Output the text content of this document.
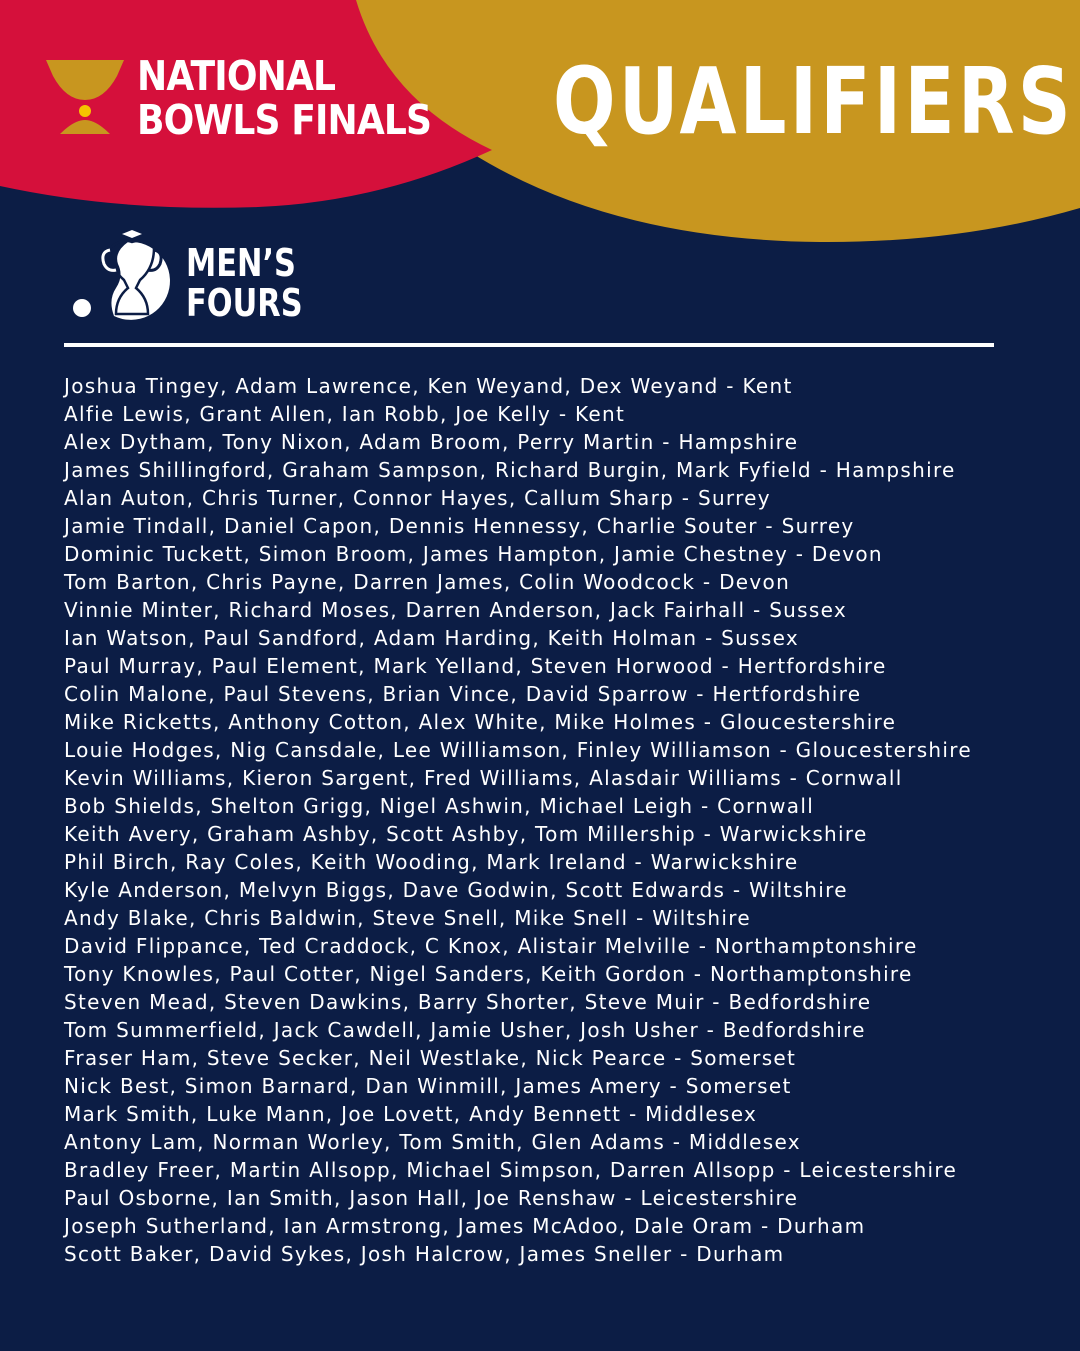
NATIONAL
BOWLS FINALS QUALIFIERS
MEN’S
FOURS
Joshua Tingey, Adam Lawrence, Ken Weyand, Dex Weyand - Kent
Alfie Lewis, Grant Allen, Ian Robb, Joe Kelly - Kent
Alex Dytham, Tony Nixon, Adam Broom, Perry Martin - Hampshire
James Shillingford, Graham Sampson, Richard Burgin, Mark Fyfield - Hampshire
Alan Auton, Chris Turner, Connor Hayes, Callum Sharp - Surrey
Jamie Tindall, Daniel Capon, Dennis Hennessy, Charlie Souter - Surrey
Dominic Tuckett, Simon Broom, James Hampton, Jamie Chestney - Devon
Tom Barton, Chris Payne, Darren James, Colin Woodcock - Devon
Vinnie Minter, Richard Moses, Darren Anderson, Jack Fairhall - Sussex
Ian Watson, Paul Sandford, Adam Harding, Keith Holman - Sussex
Paul Murray, Paul Element, Mark Yelland, Steven Horwood - Hertfordshire
Colin Malone, Paul Stevens, Brian Vince, David Sparrow - Hertfordshire
Mike Ricketts, Anthony Cotton, Alex White, Mike Holmes - Gloucestershire
Louie Hodges, Nig Cansdale, Lee Williamson, Finley Williamson - Gloucestershire
Kevin Williams, Kieron Sargent, Fred Williams, Alasdair Williams - Cornwall
Bob Shields, Shelton Grigg, Nigel Ashwin, Michael Leigh - Cornwall
Keith Avery, Graham Ashby, Scott Ashby, Tom Millership - Warwickshire
Phil Birch, Ray Coles, Keith Wooding, Mark Ireland - Warwickshire
Kyle Anderson, Melvyn Biggs, Dave Godwin, Scott Edwards - Wiltshire
Andy Blake, Chris Baldwin, Steve Snell, Mike Snell - Wiltshire
David Flippance, Ted Craddock, C Knox, Alistair Melville - Northamptonshire
Tony Knowles, Paul Cotter, Nigel Sanders, Keith Gordon - Northamptonshire
Steven Mead, Steven Dawkins, Barry Shorter, Steve Muir - Bedfordshire
Tom Summerfield, Jack Cawdell, Jamie Usher, Josh Usher - Bedfordshire
Fraser Ham, Steve Secker, Neil Westlake, Nick Pearce - Somerset
Nick Best, Simon Barnard, Dan Winmill, James Amery - Somerset
Mark Smith, Luke Mann, Joe Lovett, Andy Bennett - Middlesex
Antony Lam, Norman Worley, Tom Smith, Glen Adams - Middlesex
Bradley Freer, Martin Allsopp, Michael Simpson, Darren Allsopp - Leicestershire
Paul Osborne, Ian Smith, Jason Hall, Joe Renshaw - Leicestershire
Joseph Sutherland, Ian Armstrong, James McAdoo, Dale Oram - Durham
Scott Baker, David Sykes, Josh Halcrow, James Sneller - Durham
